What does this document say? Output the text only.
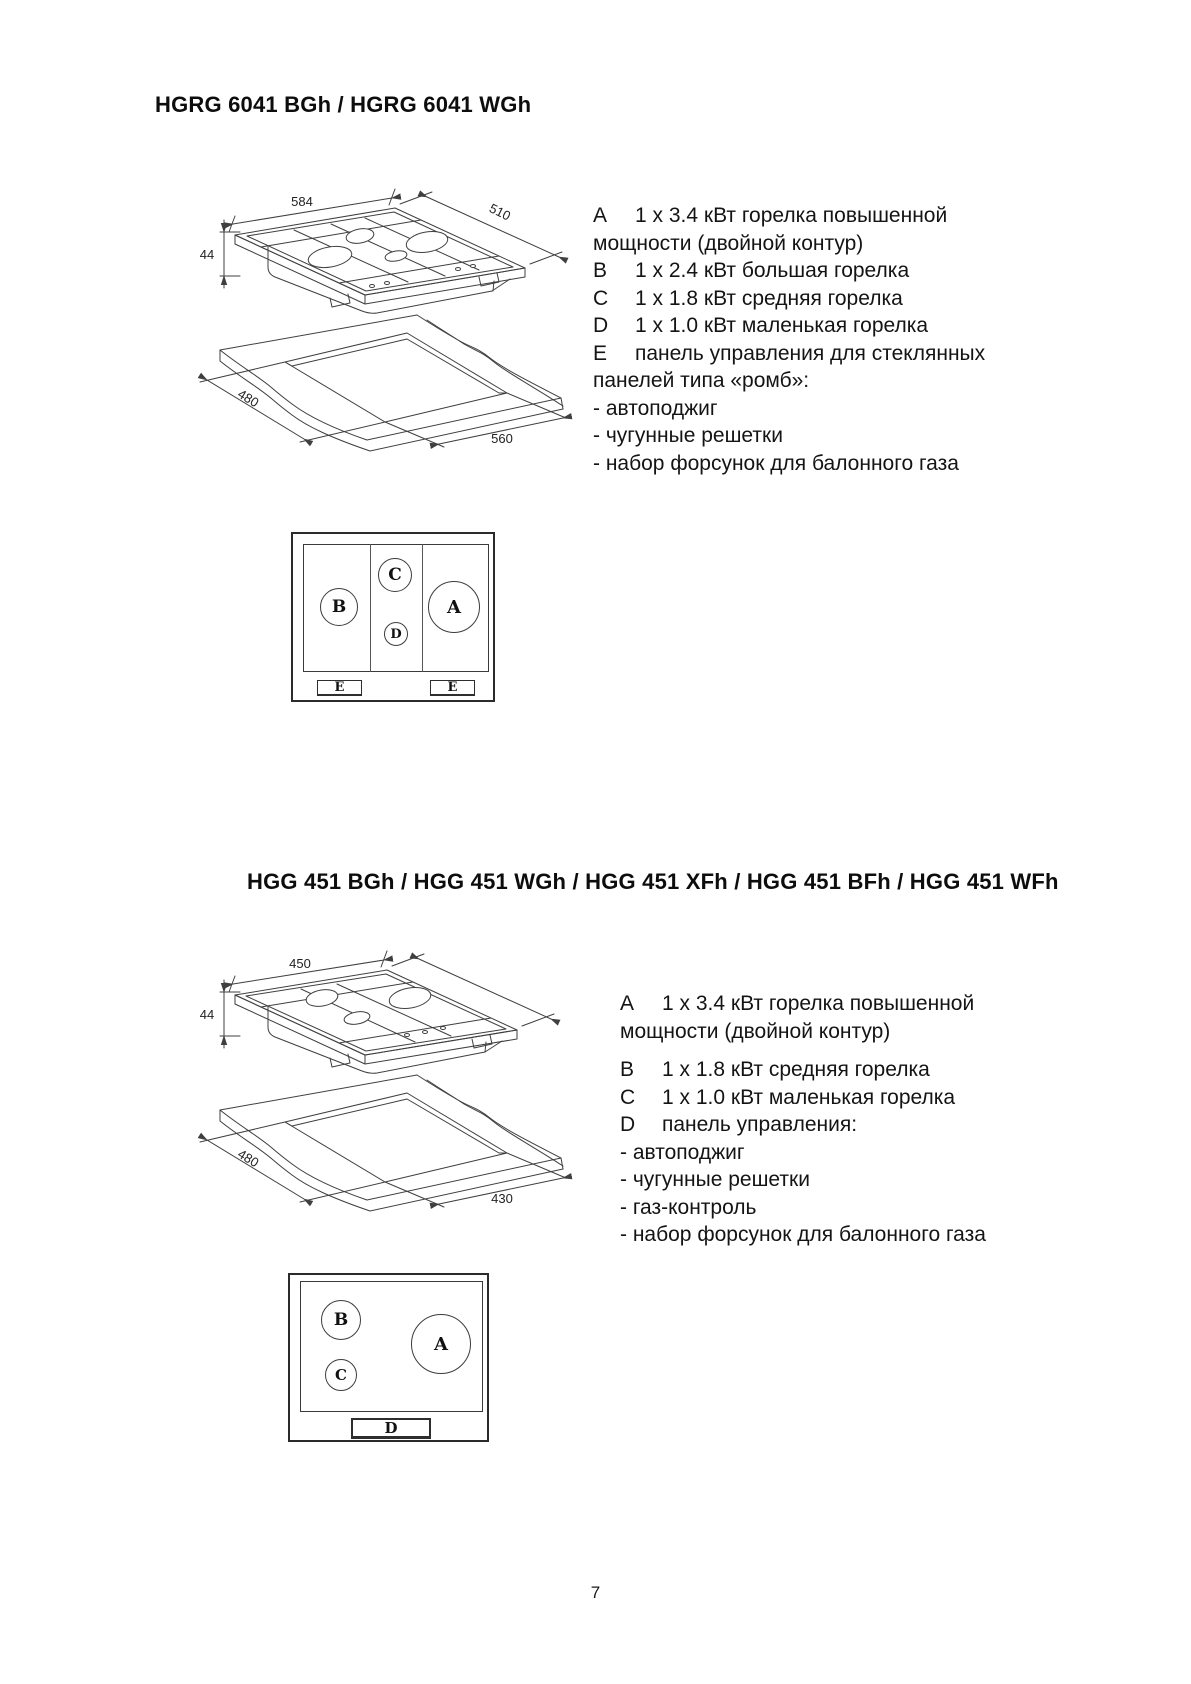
HGRG 6041 BGh / HGRG 6041 WGh
584	510
44
480
560
A	1 x 3.4 кВт горелка повышенной
мощности (двойной контур)
B	1 x 2.4 кВт большая горелка
C	1 x 1.8 кВт средняя горелка
D	1 x 1.0 кВт маленькая горелка
E	панель управления для стеклянных
панелей типа «ромб»:
- автоподжиг
- чугунные решетки
- набор форсунок для балонного газа
B
C
D
A
E	E
HGG 451 BGh / HGG 451 WGh / HGG 451 XFh / HGG 451 BFh / HGG 451 WFh
450
44
480
430
A	1 x 3.4 кВт горелка повышенной
мощности (двойной контур)
B	1 x 1.8 кВт средняя горелка
C	1 x 1.0 кВт маленькая горелка
D	панель управления:
- автоподжиг
- чугунные решетки
- газ-контроль
- набор форсунок для балонного газа
B
C
A
D
7
